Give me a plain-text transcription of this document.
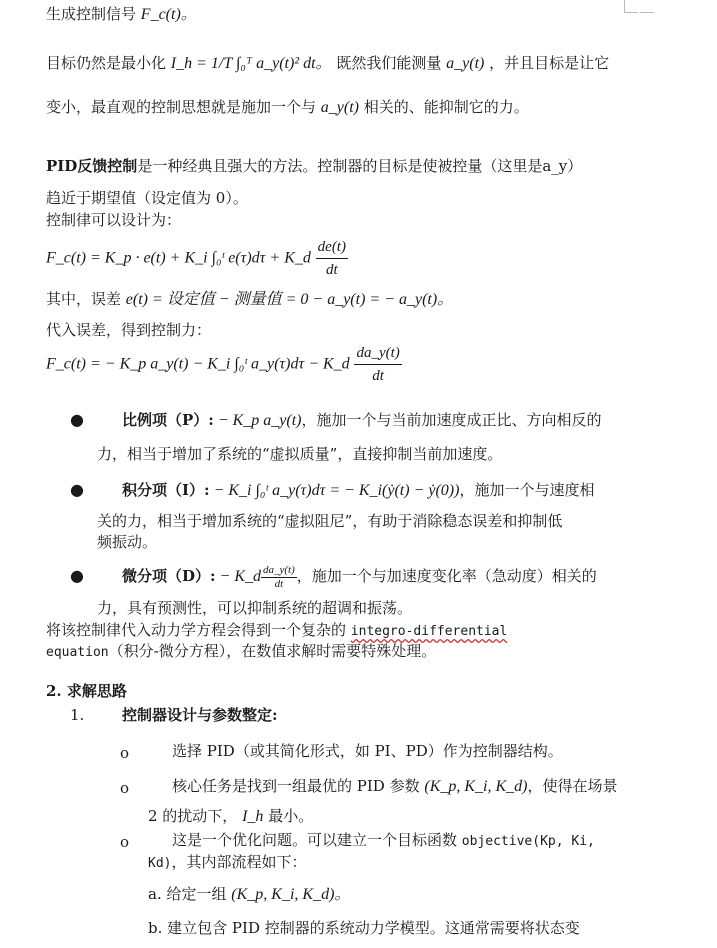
生成控制信号 F_c(t)。
目标仍然是最小化 I_h = 1/T ∫₀ᵀ a_y(t)² dt。 既然我们能测量 a_y(t) ，并且目标是让它
变小，最直观的控制思想就是施加一个与 a_y(t) 相关的、能抑制它的力。
PID反馈控制是一种经典且强大的方法。控制器的目标是使被控量（这里是a_y）
趋近于期望值（设定值为 0）。
控制律可以设计为：
F_c(t) = K_p · e(t) + K_i ∫₀ᵗ e(τ)dτ + K_d $\frac{de(t)}{dt}$
其中，误差 e(t) = 设定值 − 测量值 = 0 − a_y(t) = − a_y(t)。
代入误差，得到控制力：
F_c(t) = − K_p a_y(t) − K_i ∫₀ᵗ a_y(τ)dτ − K_d $\frac{da\_y(t)}{dt}$
●	比例项（P）: − K_p a_y(t)，施加一个与当前加速度成正比、方向相反的
力，相当于增加了系统的“虚拟质量”，直接抑制当前加速度。
●	积分项（I）: − K_i ∫₀ᵗ a_y(τ)dτ = − K_i(ẏ(t) − ẏ(0))，施加一个与速度相
关的力，相当于增加系统的“虚拟阻尼”，有助于消除稳态误差和抑制低
频振动。
●	微分项（D）: − K_d $\frac{da\_y(t)}{dt}$ ，施加一个与加速度变化率（急动度）相关的
力，具有预测性，可以抑制系统的超调和振荡。
将该控制律代入动力学方程会得到一个复杂的 integro-differential
equation（积分-微分方程），在数值求解时需要特殊处理。
2. 求解思路
1.	控制器设计与参数整定:
o	选择 PID（或其简化形式，如 PI、PD）作为控制器结构。
o	核心任务是找到一组最优的 PID 参数 (K_p, K_i, K_d)，使得在场景
2 的扰动下， I_h 最小。
o	这是一个优化问题。可以建立一个目标函数 objective(Kp, Ki,
Kd)，其内部流程如下：
a. 给定一组 (K_p, K_i, K_d)。
b. 建立包含 PID 控制器的系统动力学模型。这通常需要将状态变
